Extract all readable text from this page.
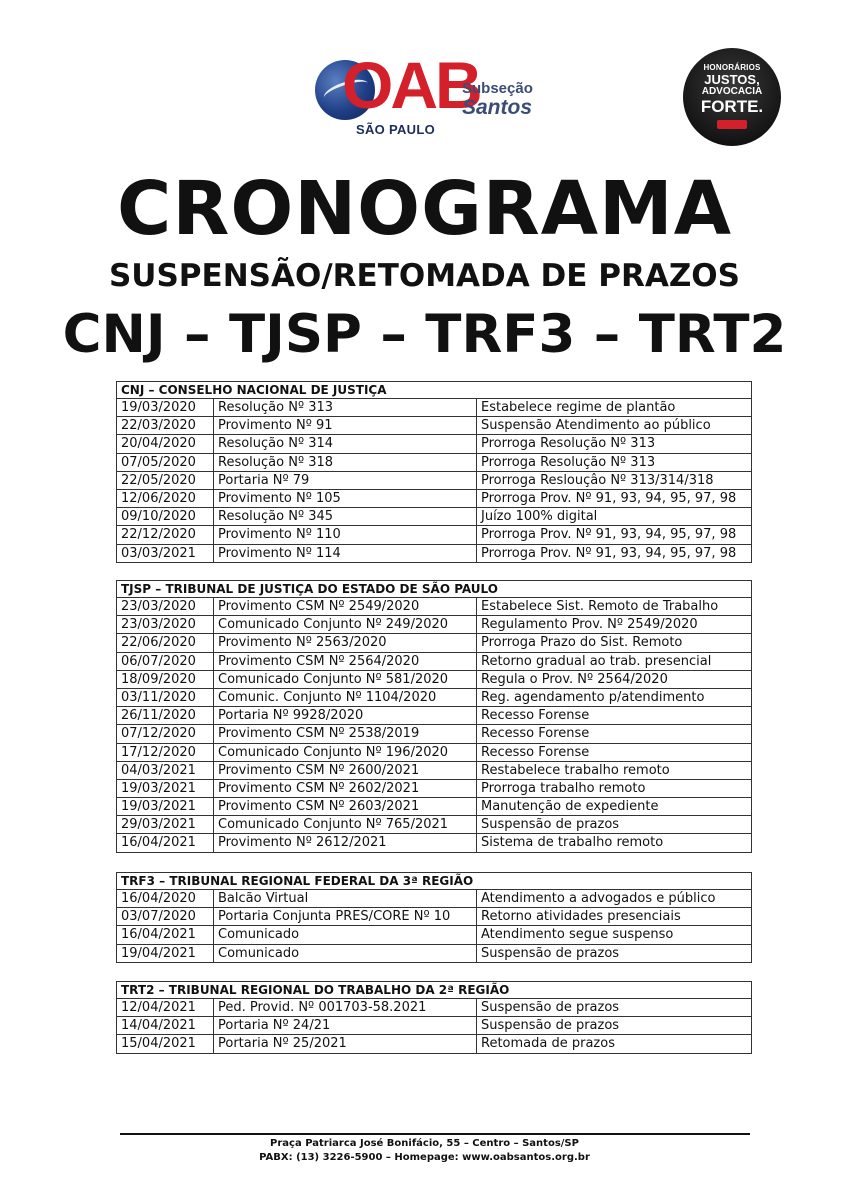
OAB
SÃO PAULO
Subseção
Santos
HONORÁRIOS
JUSTOS,
ADVOCACIA
FORTE.
CRONOGRAMA
SUSPENSÃO/RETOMADA DE PRAZOS
CNJ – TJSP – TRF3 – TRT2
CNJ – CONSELHO NACIONAL DE JUSTIÇA
19/03/2020	Resolução Nº 313	Estabelece regime de plantão
22/03/2020	Provimento Nº 91	Suspensão Atendimento ao público
20/04/2020	Resolução Nº 314	Prorroga Resolução Nº 313
07/05/2020	Resolução Nº 318	Prorroga Resolução Nº 313
22/05/2020	Portaria Nº 79	Prorroga Reslouçâo Nº 313/314/318
12/06/2020	Provimento Nº 105	Prorroga Prov. Nº 91, 93, 94, 95, 97, 98
09/10/2020	Resolução Nº 345	Juízo 100% digital
22/12/2020	Provimento Nº 110	Prorroga Prov. Nº 91, 93, 94, 95, 97, 98
03/03/2021	Provimento Nº 114	Prorroga Prov. Nº 91, 93, 94, 95, 97, 98
TJSP – TRIBUNAL DE JUSTIÇA DO ESTADO DE SÃO PAULO
23/03/2020	Provimento CSM Nº 2549/2020	Estabelece Sist. Remoto de Trabalho
23/03/2020	Comunicado Conjunto Nº 249/2020	Regulamento Prov. Nº 2549/2020
22/06/2020	Provimento Nº 2563/2020	Prorroga Prazo do Sist. Remoto
06/07/2020	Provimento CSM Nº 2564/2020	Retorno gradual ao trab. presencial
18/09/2020	Comunicado Conjunto Nº 581/2020	Regula o Prov. Nº 2564/2020
03/11/2020	Comunic. Conjunto Nº 1104/2020	Reg. agendamento p/atendimento
26/11/2020	Portaria Nº 9928/2020	Recesso Forense
07/12/2020	Provimento CSM Nº 2538/2019	Recesso Forense
17/12/2020	Comunicado Conjunto Nº 196/2020	Recesso Forense
04/03/2021	Provimento CSM Nº 2600/2021	Restabelece trabalho remoto
19/03/2021	Provimento CSM Nº 2602/2021	Prorroga trabalho remoto
19/03/2021	Provimento CSM Nº 2603/2021	Manutenção de expediente
29/03/2021	Comunicado Conjunto Nº 765/2021	Suspensão de prazos
16/04/2021	Provimento Nº 2612/2021	Sistema de trabalho remoto
TRF3 – TRIBUNAL REGIONAL FEDERAL DA 3ª REGIÃO
16/04/2020	Balcão Virtual	Atendimento a advogados e público
03/07/2020	Portaria Conjunta PRES/CORE Nº 10	Retorno atividades presenciais
16/04/2021	Comunicado	Atendimento segue suspenso
19/04/2021	Comunicado	Suspensão de prazos
TRT2 – TRIBUNAL REGIONAL DO TRABALHO DA 2ª REGIÃO
12/04/2021	Ped. Provid. Nº 001703-58.2021	Suspensão de prazos
14/04/2021	Portaria Nº 24/21	Suspensão de prazos
15/04/2021	Portaria Nº 25/2021	Retomada de prazos
Praça Patriarca José Bonifácio, 55 – Centro – Santos/SP
PABX: (13) 3226-5900 – Homepage: www.oabsantos.org.br
